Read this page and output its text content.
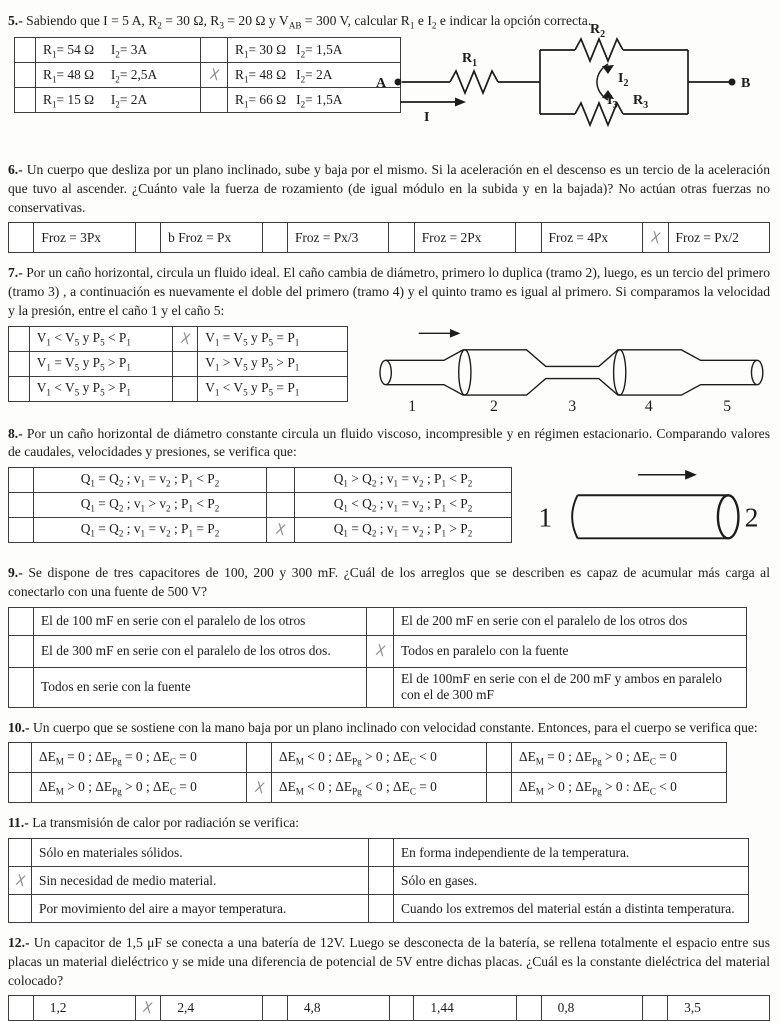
5.- Sabiendo que I = 5 A, $R_2 = 30$ Ω, $R_3 = 20$ Ω y $V_{AB} = 300$ V, calcular $R_1$ e $I_2$ e indicar la opción correcta.

	$R_1= 54$ Ω     $I_2= 3A$		$R_1= 30$ Ω   $I_2= 1,5A$
	$R_1= 48$ Ω     $I_2= 2,5A$	X	$R_1= 48$ Ω   $I_2= 2A$
	$R_1= 15$ Ω     $I_2= 2A$		$R_1= 66$ Ω   $I_2= 1,5A$
A	B
I
$R_1$
$R_2$
$I_2$
$I_3$ $R_3$

6.- Un cuerpo que desliza por un plano inclinado, sube y baja por el mismo. Si la aceleración en el descenso es un tercio de la aceleración que tuvo al ascender. ¿Cuánto vale la fuerza de rozamiento (de igual módulo en la subida y en la bajada)? No actúan otras fuerzas no conservativas.

	Froz = 3Px		b Froz = Px		Froz = Px/3		Froz = 2Px		Froz = 4Px	X	Froz = Px/2

7.- Por un caño horizontal, circula un fluido ideal. El caño cambia de diámetro, primero lo duplica (tramo 2), luego, es un tercio del primero (tramo 3) , a continuación es nuevamente el doble del primero (tramo 4) y el quinto tramo es igual al primero. Si comparamos la velocidad y la presión, entre el caño 1 y el caño 5:

	$V_1 < V_5$ y $P_5 < P_1$	X	$V_1 = V_5$ y $P_5 = P_1$
	$V_1 = V_5$ y $P_5 > P_1$		$V_1 > V_5$ y $P_5 > P_1$
	$V_1 < V_5$ y $P_5 > P_1$		$V_1 < V_5$ y $P_5 = P_1$
1	2	3	4	5

8.- Por un caño horizontal de diámetro constante circula un fluido viscoso, incompresible y en régimen estacionario. Comparando valores de caudales, velocidades y presiones, se verifica que:

	$Q_1 = Q_2$ ; $v_1 = v_2$ ; $P_1 < P_2$		$Q_1 > Q_2$ ; $v_1 = v_2$ ; $P_1 < P_2$
	$Q_1 = Q_2$ ; $v_1 > v_2$ ; $P_1 < P_2$		$Q_1 < Q_2$ ; $v_1 = v_2$ ; $P_1 < P_2$
	$Q_1 = Q_2$ ; $v_1 = v_2$ ; $P_1 = P_2$	X	$Q_1 = Q_2$ ; $v_1 = v_2$ ; $P_1 > P_2$
1	2

9.- Se dispone de tres capacitores de 100, 200 y 300 mF. ¿Cuál de los arreglos que se describen es capaz de acumular más carga al conectarlo con una fuente de 500 V?

	El de 100 mF en serie con el paralelo de los otros		El de 200 mF en serie con el paralelo de los otros dos
	El de 300 mF en serie con el paralelo de los otros dos.	X	Todos en paralelo con la fuente
	Todos en serie con la fuente		El de 100mF en serie con el de 200 mF y ambos en paralelo con el de 300 mF

10.- Un cuerpo que se sostiene con la mano baja por un plano inclinado con velocidad constante. Entonces, para el cuerpo se verifica que:

	$\Delta E_M = 0$ ; $\Delta E_{Pg} = 0$ ; $\Delta E_C = 0$		$\Delta E_M < 0$ ; $\Delta E_{Pg} > 0$ ; $\Delta E_C < 0$		$\Delta E_M = 0$ ; $\Delta E_{Pg} > 0$ ; $\Delta E_C = 0$
	$\Delta E_M > 0$ ; $\Delta E_{Pg} > 0$ ; $\Delta E_C = 0$	X	$\Delta E_M < 0$ ; $\Delta E_{Pg} < 0$ ; $\Delta E_C = 0$		$\Delta E_M > 0$ ; $\Delta E_{Pg} > 0$ : $\Delta E_C < 0$

11.- La transmisión de calor por radiación se verifica:

	Sólo en materiales sólidos.		En forma independiente de la temperatura.
X	Sin necesidad de medio material.		Sólo en gases.
	Por movimiento del aire a mayor temperatura.		Cuando los extremos del material están a distinta temperatura.

12.- Un capacitor de 1,5 μF se conecta a una batería de 12V. Luego se desconecta de la batería, se rellena totalmente el espacio entre sus placas un material dieléctrico y se mide una diferencia de potencial de 5V entre dichas placas. ¿Cuál es la constante dieléctrica del material colocado?

	1,2	X	2,4		4,8		1,44		0,8		3,5
